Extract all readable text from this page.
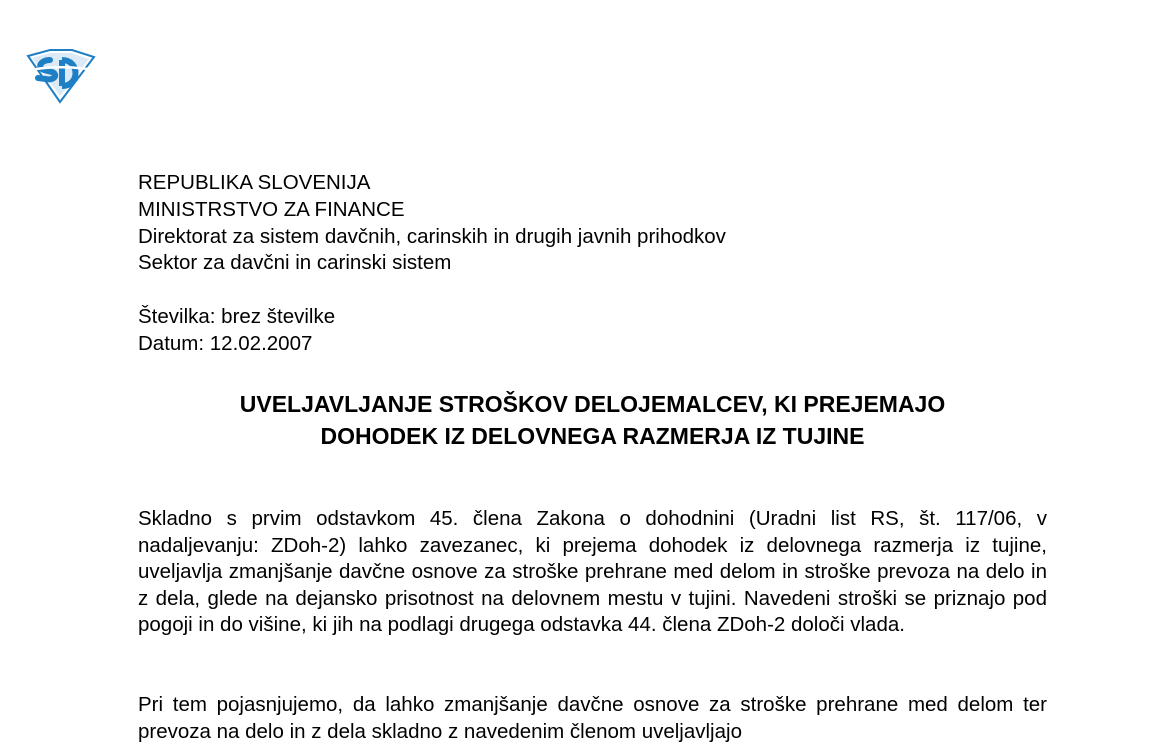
REPUBLIKA SLOVENIJA
MINISTRSTVO ZA FINANCE
Direktorat za sistem davčnih, carinskih in drugih javnih prihodkov
Sektor za davčni in carinski sistem
Številka: brez številke
Datum: 12.02.2007
UVELJAVLJANJE STROŠKOV DELOJEMALCEV, KI PREJEMAJO
DOHODEK IZ DELOVNEGA RAZMERJA IZ TUJINE
Skladno s prvim odstavkom 45. člena Zakona o dohodnini (Uradni list RS, št. 117/06, v nadaljevanju: ZDoh-2) lahko zavezanec, ki prejema dohodek iz delovnega razmerja iz tujine, uveljavlja zmanjšanje davčne osnove za stroške prehrane med delom in stroške prevoza na delo in z dela, glede na dejansko prisotnost na delovnem mestu v tujini. Navedeni stroški se priznajo pod pogoji in do višine, ki jih na podlagi drugega odstavka 44. člena ZDoh-2 določi vlada.
Pri tem pojasnjujemo, da lahko zmanjšanje davčne osnove za stroške prehrane med delom ter prevoza na delo in z dela skladno z navedenim členom uveljavljajo
